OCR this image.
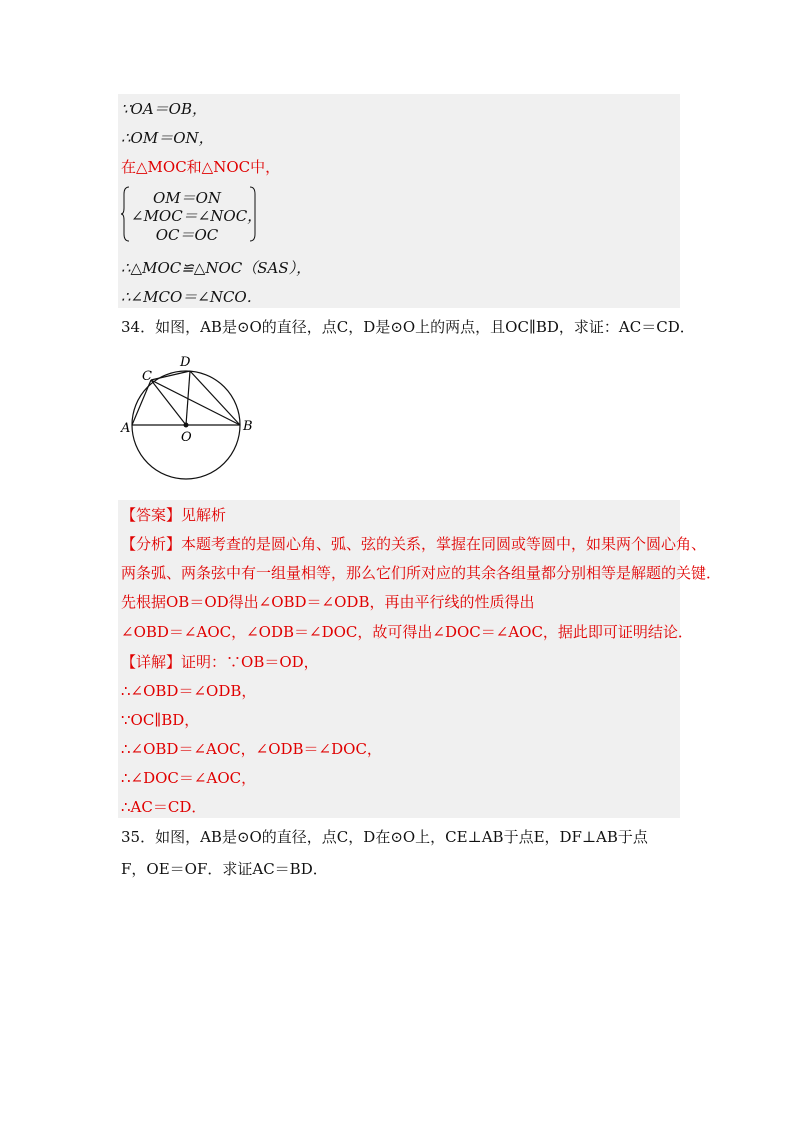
∵OA＝OB，
∴OM＝ON，
在△MOC和△NOC中，
OM＝ON
∠MOC＝∠NOC，
OC＝OC
∴△MOC≌△NOC（SAS），
∴∠MCO＝∠NCO．
34．如图，AB是⊙O的直径，点C，D是⊙O上的两点，且OC∥BD，求证：AC＝CD．
A	B
C
D
O
【答案】见解析
【分析】本题考查的是圆心角、弧、弦的关系，掌握在同圆或等圆中，如果两个圆心角、
两条弧、两条弦中有一组量相等，那么它们所对应的其余各组量都分别相等是解题的关键．
先根据OB＝OD得出∠OBD＝∠ODB，再由平行线的性质得出
∠OBD＝∠AOC，∠ODB＝∠DOC，故可得出∠DOC＝∠AOC，据此即可证明结论．
【详解】证明：∵OB＝OD，
∴∠OBD＝∠ODB，
∵OC∥BD，
∴∠OBD＝∠AOC，∠ODB＝∠DOC，
∴∠DOC＝∠AOC，
∴AC＝CD．
35．如图，AB是⊙O的直径，点C，D在⊙O上，CE⊥AB于点E，DF⊥AB于点
F，OE＝OF．求证AC＝BD．
